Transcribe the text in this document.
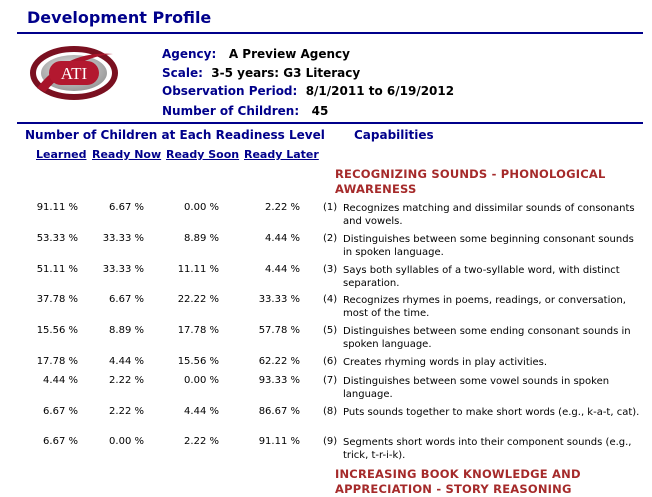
Development Profile
ATI
Agency: A Preview Agency
Scale: 3-5 years: G3 Literacy
Observation Period: 8/1/2011 to 6/19/2012
Number of Children: 45
Number of Children at Each Readiness Level Capabilities
Learned Ready Now Ready Soon Ready Later
RECOGNIZING SOUNDS - PHONOLOGICAL AWARENESS
91.11 %	6.67 %	0.00 %	2.22 % (1) Recognizes matching and dissimilar sounds of consonants and vowels.
53.33 % 33.33 %	8.89 %	4.44 % (2) Distinguishes between some beginning consonant sounds in spoken language.
51.11 % 33.33 %	11.11 %	4.44 % (3) Says both syllables of a two-syllable word, with distinct separation.
37.78 %	6.67 %	22.22 %	33.33 % (4) Recognizes rhymes in poems, readings, or conversation, most of the time.
15.56 %	8.89 %	17.78 %	57.78 % (5) Distinguishes between some ending consonant sounds in spoken language.
17.78 %	4.44 %	15.56 %	62.22 % (6) Creates rhyming words in play activities.
4.44 %	2.22 %	0.00 %	93.33 % (7) Distinguishes between some vowel sounds in spoken language.
6.67 %	2.22 %	4.44 %	86.67 % (8) Puts sounds together to make short words (e.g., k-a-t, cat).
6.67 %	0.00 %	2.22 %	91.11 % (9) Segments short words into their component sounds (e.g., trick, t-r-i-k).
INCREASING BOOK KNOWLEDGE AND APPRECIATION - STORY REASONING
